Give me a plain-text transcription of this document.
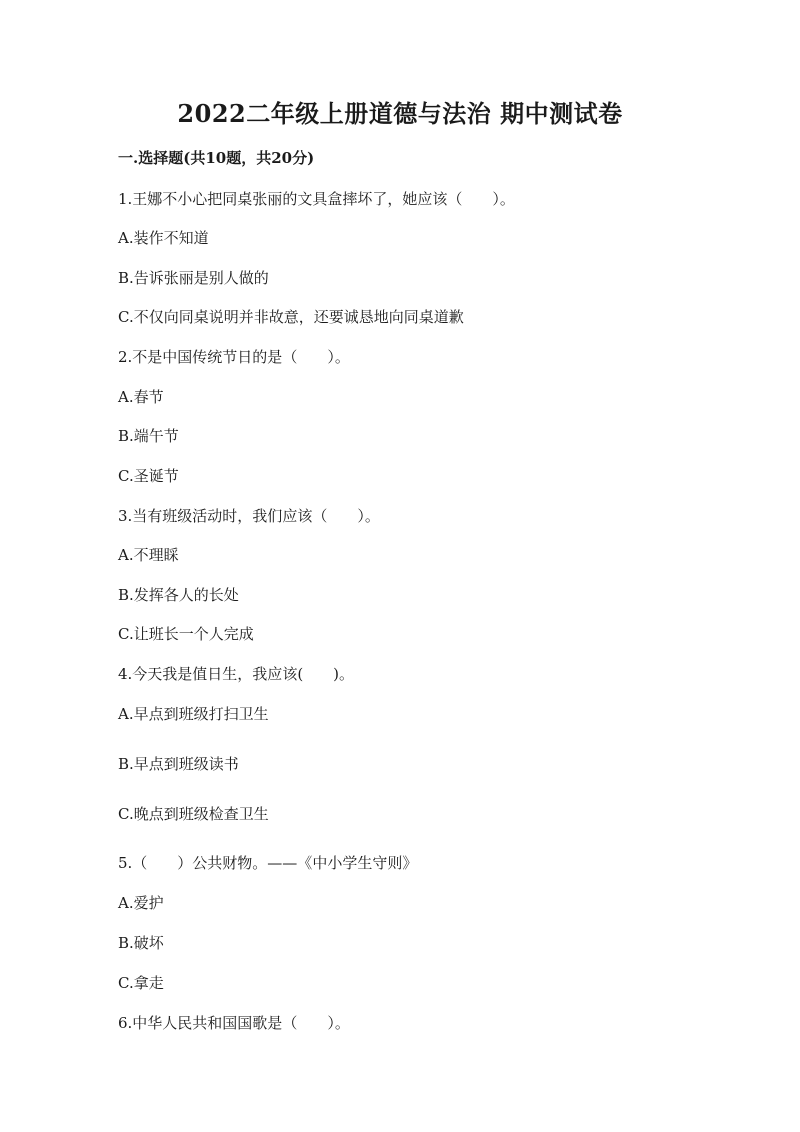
2022二年级上册道德与法治 期中测试卷
一.选择题(共10题，共20分)
1.王娜不小心把同桌张丽的文具盒摔坏了，她应该（　　）。
A.装作不知道
B.告诉张丽是别人做的
C.不仅向同桌说明并非故意，还要诚恳地向同桌道歉
2.不是中国传统节日的是（　　）。
A.春节
B.端午节
C.圣诞节
3.当有班级活动时，我们应该（　　）。
A.不理睬
B.发挥各人的长处
C.让班长一个人完成
4.今天我是值日生，我应该(　　)。
A.早点到班级打扫卫生
B.早点到班级读书
C.晚点到班级检查卫生
5.（　　）公共财物。——《中小学生守则》
A.爱护
B.破坏
C.拿走
6.中华人民共和国国歌是（　　）。
